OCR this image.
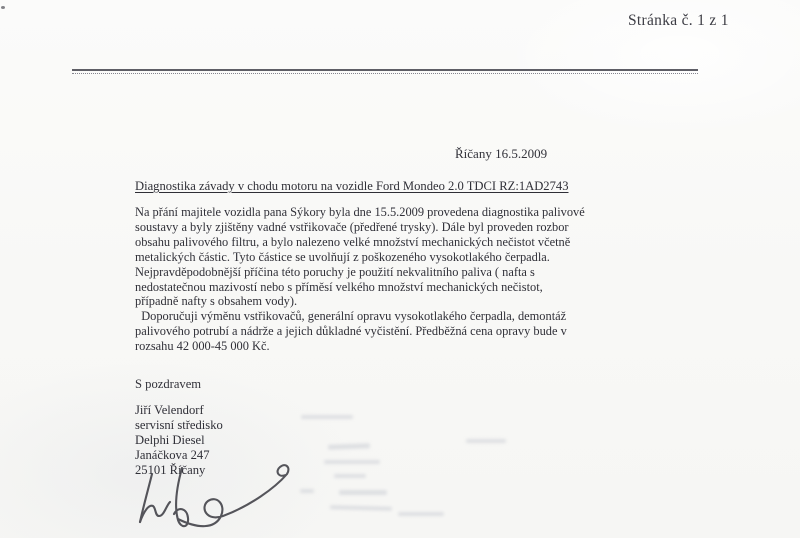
Stránka č. 1 z 1
Říčany 16.5.2009
Diagnostika závady v chodu motoru na vozidle Ford Mondeo 2.0 TDCI RZ:1AD2743
Na přání majitele vozidla pana Sýkory byla dne 15.5.2009 provedena diagnostika palivové
soustavy a byly zjištěny vadné vstřikovače (předřené trysky). Dále byl proveden rozbor
obsahu palivového filtru, a bylo nalezeno velké množství mechanických nečistot včetně
metalických částic. Tyto částice se uvolňují z poškozeného vysokotlakého čerpadla.
Nejpravděpodobnější příčina této poruchy je použití nekvalitního paliva ( nafta s
nedostatečnou mazivostí nebo s příměsí velkého množství mechanických nečistot,
případně nafty s obsahem vody).
Doporučuji výměnu vstřikovačů, generální opravu vysokotlakého čerpadla, demontáž
palivového potrubí a nádrže a jejich důkladné vyčistění. Předběžná cena opravy bude v
rozsahu 42 000-45 000 Kč.
S pozdravem
Jiří Velendorf
servisní středisko
Delphi Diesel
Janáčkova 247
25101 Říčany
